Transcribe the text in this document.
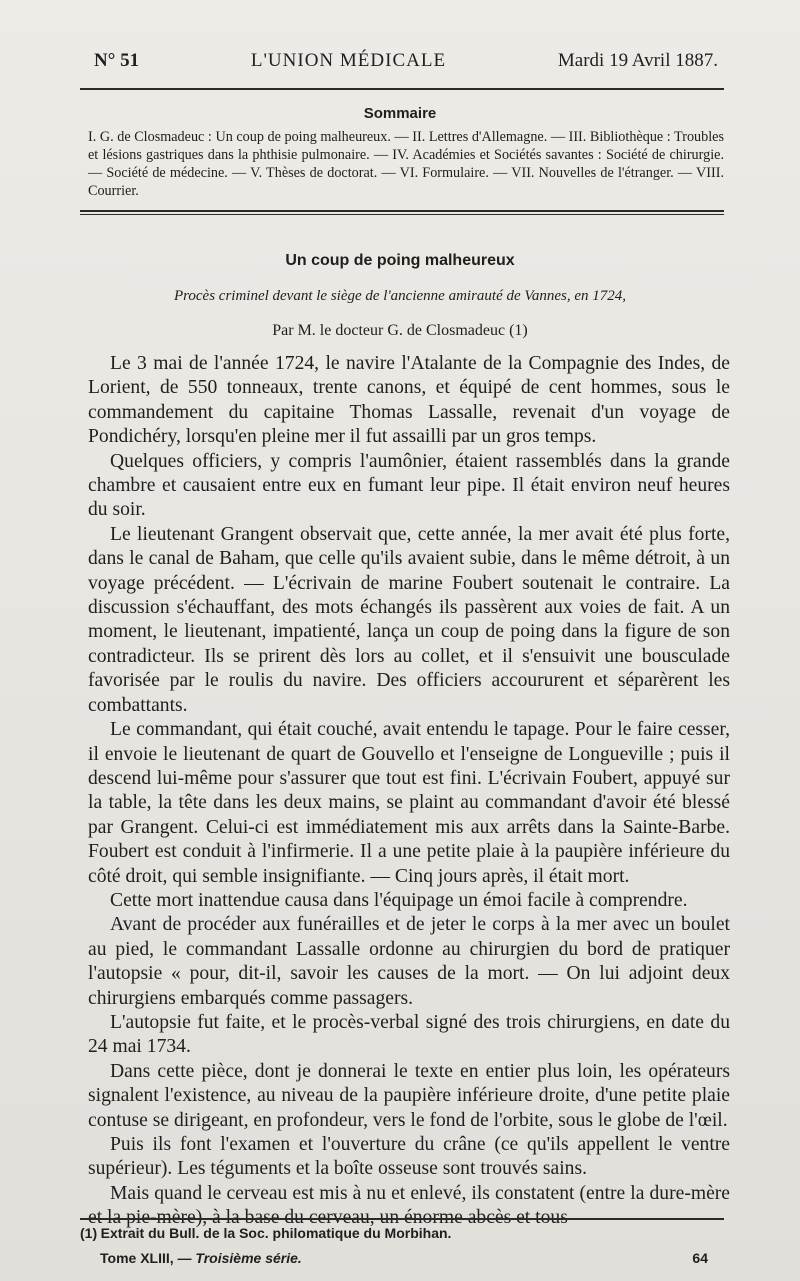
N° 51	L'UNION MÉDICALE	Mardi 19 Avril 1887.
Sommaire
I. G. de Closmadeuc : Un coup de poing malheureux. — II. Lettres d'Allemagne. — III. Bibliothèque : Troubles et lésions gastriques dans la phthisie pulmonaire. — IV. Académies et Sociétés savantes : Société de chirurgie. — Société de médecine. — V. Thèses de doctorat. — VI. Formulaire. — VII. Nouvelles de l'étranger. — VIII. Courrier.
Un coup de poing malheureux
Procès criminel devant le siège de l'ancienne amirauté de Vannes, en 1724,
Par M. le docteur G. de Closmadeuc (1)

Le 3 mai de l'année 1724, le navire l'Atalante de la Compagnie des Indes, de Lorient, de 550 tonneaux, trente canons, et équipé de cent hommes, sous le commandement du capitaine Thomas Lassalle, revenait d'un voyage de Pondichéry, lorsqu'en pleine mer il fut assailli par un gros temps.

Quelques officiers, y compris l'aumônier, étaient rassemblés dans la grande chambre et causaient entre eux en fumant leur pipe. Il était environ neuf heures du soir.

Le lieutenant Grangent observait que, cette année, la mer avait été plus forte, dans le canal de Baham, que celle qu'ils avaient subie, dans le même détroit, à un voyage précédent. — L'écrivain de marine Foubert soutenait le contraire. La discussion s'échauffant, des mots échangés ils passèrent aux voies de fait. A un moment, le lieutenant, impatienté, lança un coup de poing dans la figure de son contradicteur. Ils se prirent dès lors au collet, et il s'ensuivit une bousculade favorisée par le roulis du navire. Des officiers accoururent et séparèrent les combattants.

Le commandant, qui était couché, avait entendu le tapage. Pour le faire cesser, il envoie le lieutenant de quart de Gouvello et l'enseigne de Longueville ; puis il descend lui-même pour s'assurer que tout est fini. L'écrivain Foubert, appuyé sur la table, la tête dans les deux mains, se plaint au commandant d'avoir été blessé par Grangent. Celui-ci est immédiatement mis aux arrêts dans la Sainte-Barbe. Foubert est conduit à l'infirmerie. Il a une petite plaie à la paupière inférieure du côté droit, qui semble insignifiante. — Cinq jours après, il était mort.

Cette mort inattendue causa dans l'équipage un émoi facile à comprendre.

Avant de procéder aux funérailles et de jeter le corps à la mer avec un boulet au pied, le commandant Lassalle ordonne au chirurgien du bord de pratiquer l'autopsie « pour, dit-il, savoir les causes de la mort. — On lui adjoint deux chirurgiens embarqués comme passagers.

L'autopsie fut faite, et le procès-verbal signé des trois chirurgiens, en date du 24 mai 1734.

Dans cette pièce, dont je donnerai le texte en entier plus loin, les opérateurs signalent l'existence, au niveau de la paupière inférieure droite, d'une petite plaie contuse se dirigeant, en profondeur, vers le fond de l'orbite, sous le globe de l'œil.

Puis ils font l'examen et l'ouverture du crâne (ce qu'ils appellent le ventre supérieur). Les téguments et la boîte osseuse sont trouvés sains.

Mais quand le cerveau est mis à nu et enlevé, ils constatent (entre la dure-mère et la pie-mère), à la base du cerveau, un énorme abcès et tous

(1) Extrait du Bull. de la Soc. philomatique du Morbihan.
Tome XLIII, — Troisième série.	64
